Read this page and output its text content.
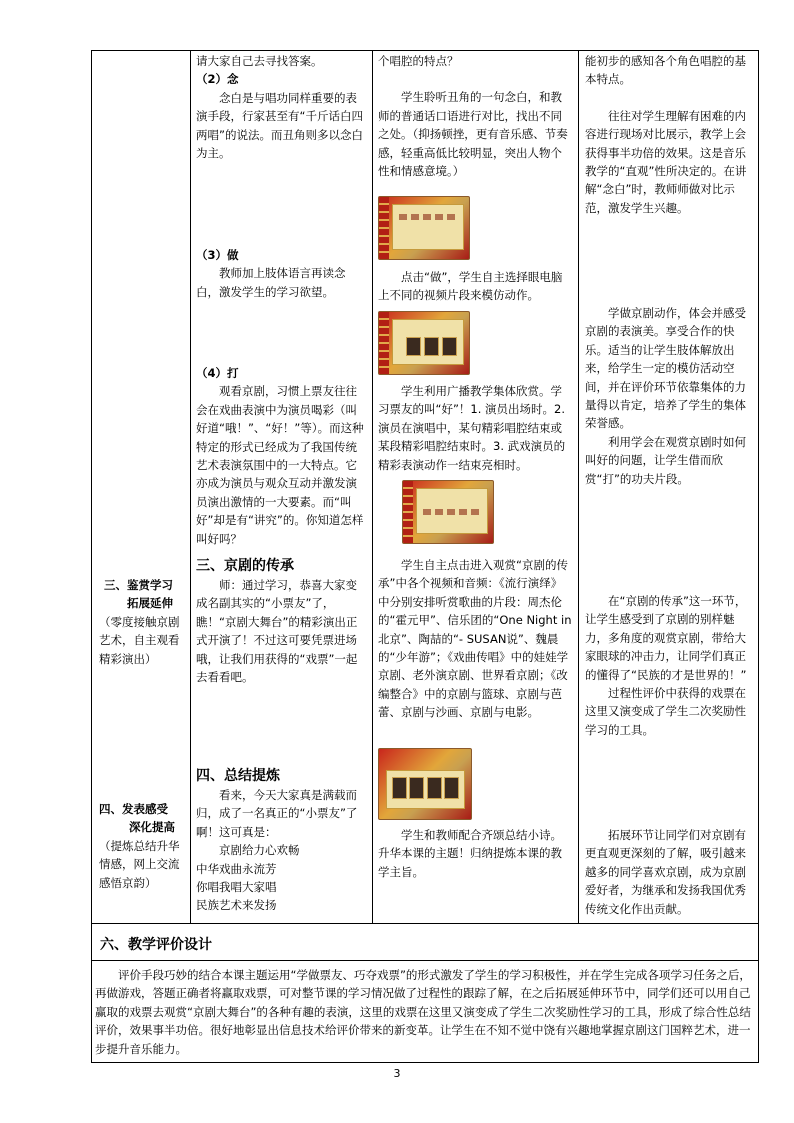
三、鉴赏学习

拓展延伸

（零度接触京剧艺术，自主观看精彩演出）

四、发表感受

深化提高

（提炼总结升华情感，网上交流感悟京韵）

请大家自己去寻找答案。

（2）念

念白是与唱功同样重要的表演手段，行家甚至有“千斤话白四两唱”的说法。而丑角则多以念白为主。

（3）做

教师加上肢体语言再读念白，激发学生的学习欲望。

（4）打

观看京剧，习惯上票友往往会在戏曲表演中为演员喝彩（叫好道“哦！”、“好！”等）。而这种特定的形式已经成为了我国传统艺术表演氛围中的一大特点。它亦成为演员与观众互动并激发演员演出激情的一大要素。而“叫好”却是有“讲究”的。你知道怎样叫好吗？

三、京剧的传承

师：通过学习，恭喜大家变成名副其实的“小票友”了，瞧！“京剧大舞台”的精彩演出正式开演了！不过这可要凭票进场哦，让我们用获得的“戏票”一起去看看吧。

四、总结提炼

看来，今天大家真是满载而归，成了一名真正的“小票友”了啊！这可真是：

京剧给力心欢畅

中华戏曲永流芳

你唱我唱大家唱

民族艺术来发扬

个唱腔的特点？

学生聆听丑角的一句念白，和教师的普通话口语进行对比，找出不同之处。（抑扬顿挫，更有音乐感、节奏感，轻重高低比较明显，突出人物个性和情感意境。）

点击“做”，学生自主选择眼电脑上不同的视频片段来模仿动作。

学生利用广播教学集体欣赏。学习票友的叫“好”！1. 演员出场时。2. 演员在演唱中，某句精彩唱腔结束或某段精彩唱腔结束时。3. 武戏演员的精彩表演动作一结束亮相时。

学生自主点击进入观赏“京剧的传承”中各个视频和音频：《流行演绎》中分别安排听赏歌曲的片段：周杰伦的“霍元甲”、信乐团的“One Night in 北京”、陶喆的“- SUSAN说”、魏晨的“少年游”；《戏曲传唱》中的娃娃学京剧、老外演京剧、世界看京剧；《改编整合》中的京剧与篮球、京剧与芭蕾、京剧与沙画、京剧与电影。

学生和教师配合齐颂总结小诗。升华本课的主题！归纳提炼本课的教学主旨。

能初步的感知各个角色唱腔的基本特点。

往往对学生理解有困难的内容进行现场对比展示，教学上会获得事半功倍的效果。这是音乐教学的“直观”性所决定的。在讲解“念白”时，教师师做对比示范，激发学生兴趣。

学做京剧动作，体会并感受京剧的表演美。享受合作的快乐。适当的让学生肢体解放出来，给学生一定的模仿活动空间，并在评价环节依靠集体的力量得以肯定，培养了学生的集体荣誉感。

利用学会在观赏京剧时如何叫好的问题，让学生借而欣赏“打”的功夫片段。

在“京剧的传承”这一环节，让学生感受到了京剧的别样魅力，多角度的观赏京剧，带给大家眼球的冲击力，让同学们真正的懂得了“民族的才是世界的！”

过程性评价中获得的戏票在这里又演变成了学生二次奖励性学习的工具。

拓展环节让同学们对京剧有更直观更深刻的了解，吸引越来越多的同学喜欢京剧，成为京剧爱好者，为继承和发扬我国优秀传统文化作出贡献。

六、教学评价设计

评价手段巧妙的结合本课主题运用“学做票友、巧夺戏票”的形式激发了学生的学习积极性，并在学生完成各项学习任务之后，再做游戏，答题正确者将赢取戏票，可对整节课的学习情况做了过程性的跟踪了解，在之后拓展延伸环节中，同学们还可以用自己赢取的戏票去观赏“京剧大舞台”的各种有趣的表演，这里的戏票在这里又演变成了学生二次奖励性学习的工具，形成了综合性总结评价，效果事半功倍。很好地彰显出信息技术给评价带来的新变革。让学生在不知不觉中饶有兴趣地掌握京剧这门国粹艺术，进一步提升音乐能力。

3
